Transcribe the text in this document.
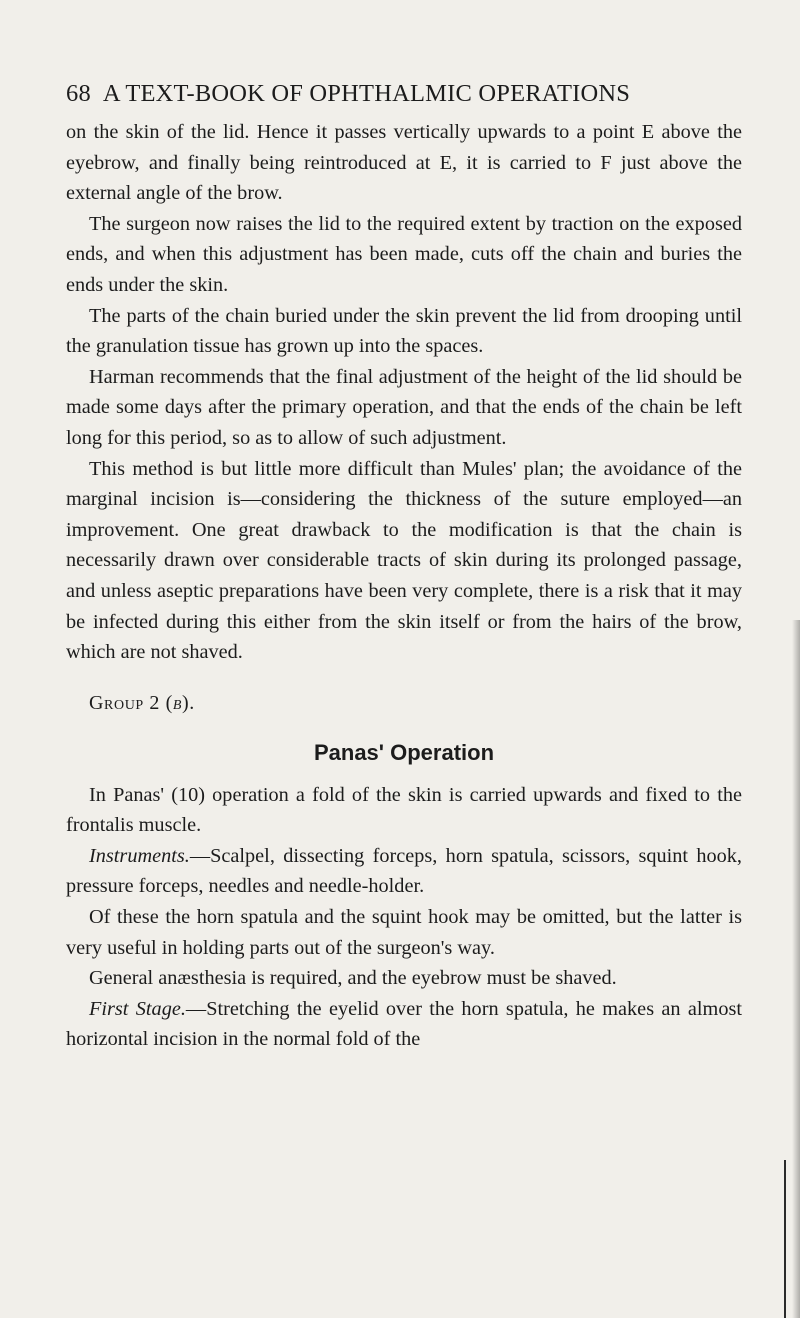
68 A TEXT-BOOK OF OPHTHALMIC OPERATIONS

on the skin of the lid. Hence it passes vertically upwards to a point E above the eyebrow, and finally being reintroduced at E, it is carried to F just above the external angle of the brow.

The surgeon now raises the lid to the required extent by traction on the exposed ends, and when this adjustment has been made, cuts off the chain and buries the ends under the skin.

The parts of the chain buried under the skin prevent the lid from drooping until the granulation tissue has grown up into the spaces.

Harman recommends that the final adjustment of the height of the lid should be made some days after the primary operation, and that the ends of the chain be left long for this period, so as to allow of such adjustment.

This method is but little more difficult than Mules' plan; the avoidance of the marginal incision is—considering the thickness of the suture employed—an improvement. One great drawback to the modification is that the chain is necessarily drawn over considerable tracts of skin during its prolonged passage, and unless aseptic preparations have been very complete, there is a risk that it may be infected during this either from the skin itself or from the hairs of the brow, which are not shaved.

Group 2 (b).
Panas' Operation

In Panas' (10) operation a fold of the skin is carried upwards and fixed to the frontalis muscle.

Instruments.—Scalpel, dissecting forceps, horn spatula, scissors, squint hook, pressure forceps, needles and needle-holder.

Of these the horn spatula and the squint hook may be omitted, but the latter is very useful in holding parts out of the surgeon's way.

General anæsthesia is required, and the eyebrow must be shaved.

First Stage.—Stretching the eyelid over the horn spatula, he makes an almost horizontal incision in the normal fold of the
